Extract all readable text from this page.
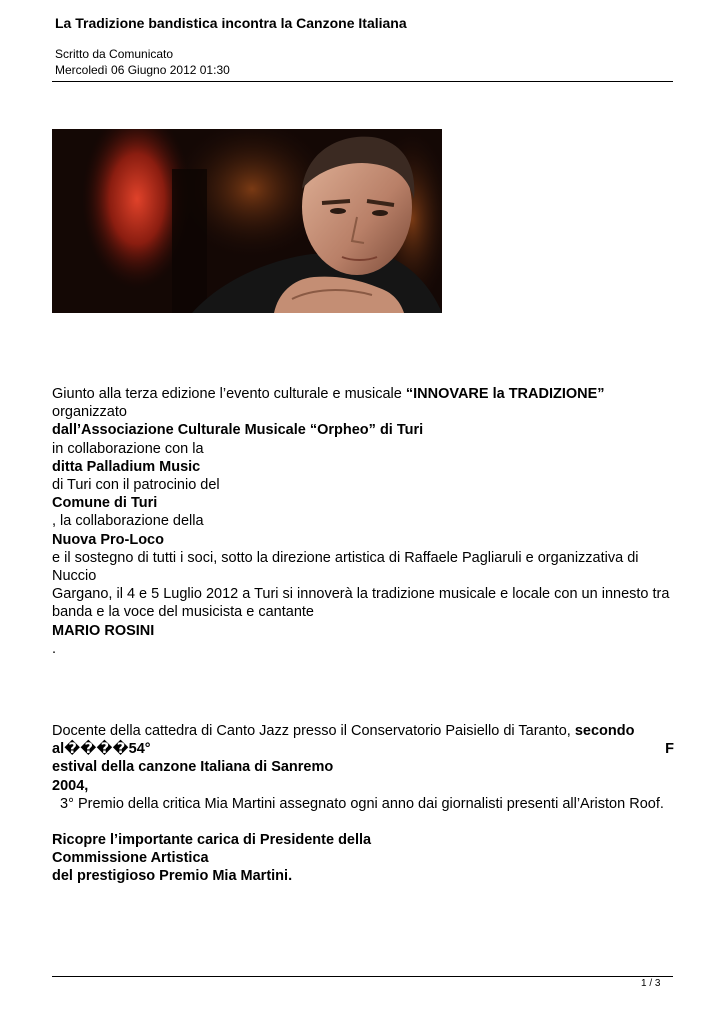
La Tradizione bandistica incontra la Canzone Italiana
Scritto da Comunicato
Mercoledì 06 Giugno 2012 01:30

Giunto alla terza edizione l’evento culturale e musicale “INNOVARE la TRADIZIONE”

organizzato

dall’Associazione Culturale Musicale “Orpheo” di Turi

in collaborazione con la

ditta Palladium Music

di Turi con il patrocinio del

Comune di Turi

, la collaborazione della

Nuova Pro-Loco

e il sostegno di tutti i soci, sotto la direzione artistica di Raffaele Pagliaruli e organizzativa di Nuccio

Gargano, il 4 e 5 Luglio 2012 a Turi si innoverà la tradizione musicale e locale con un innesto tra banda e la voce del musicista e cantante

MARIO ROSINI

.

Docente della cattedra di Canto Jazz presso il Conservatorio Paisiello di Taranto, secondo

al����54°	F

estival della canzone Italiana di Sanremo

2004,

3° Premio della critica Mia Martini assegnato ogni anno dai giornalisti presenti all’Ariston Roof.

Ricopre l’importante carica di Presidente della

Commissione Artistica

del prestigioso Premio Mia Martini.

1 / 3
